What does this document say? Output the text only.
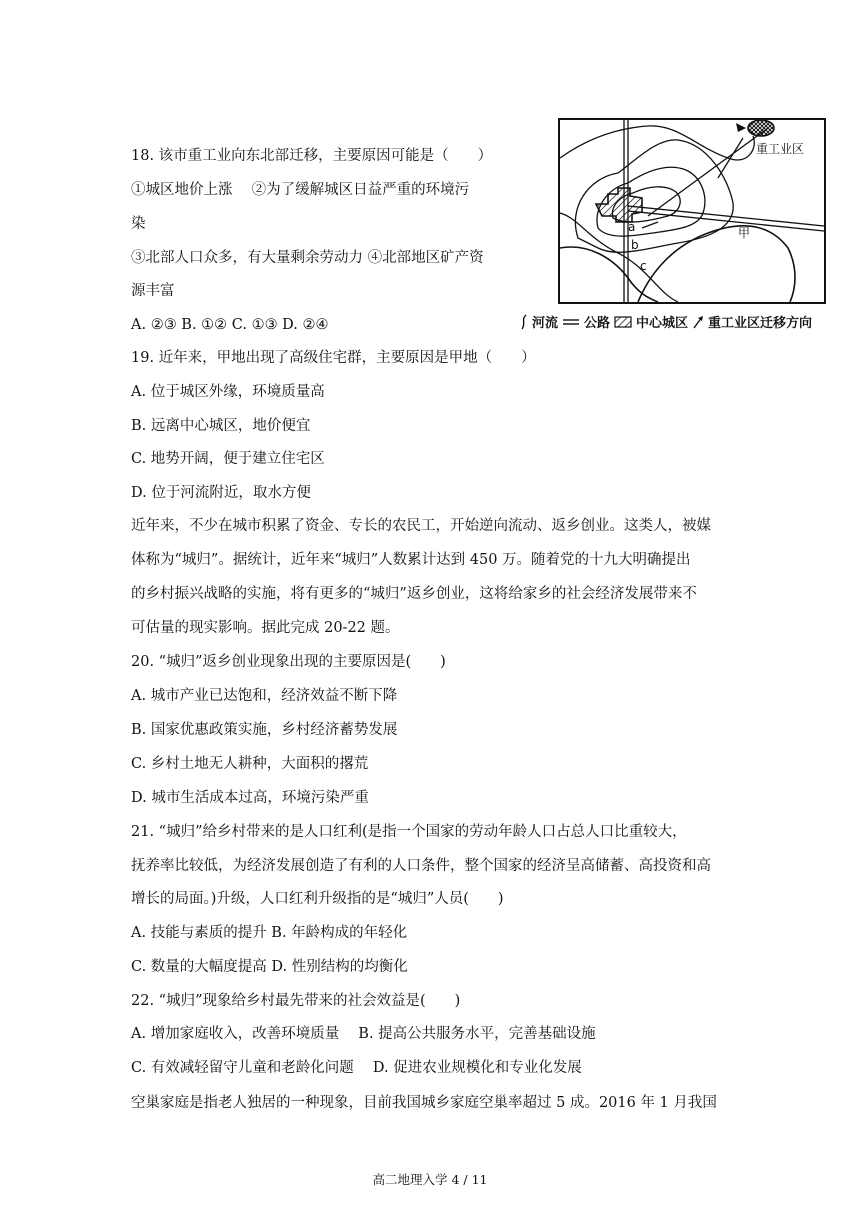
重工业区
甲
a
b
c
河流 公路 中心城区 重工业区迁移方向
18. 该市重工业向东北部迁移，主要原因可能是（　　）
①城区地价上涨　 ②为了缓解城区日益严重的环境污
染
③北部人口众多，有大量剩余劳动力 ④北部地区矿产资
源丰富
A. ②③ B. ①② C. ①③ D. ②④
19. 近年来，甲地出现了高级住宅群，主要原因是甲地（　　）
A. 位于城区外缘，环境质量高
B. 远离中心城区，地价便宜
C. 地势开阔，便于建立住宅区
D. 位于河流附近，取水方便
近年来，不少在城市积累了资金、专长的农民工，开始逆向流动、返乡创业。这类人，被媒
体称为“城归”。据统计，近年来“城归”人数累计达到 450 万。随着党的十九大明确提出
的乡村振兴战略的实施，将有更多的“城归”返乡创业，这将给家乡的社会经济发展带来不
可估量的现实影响。据此完成 20-22 题。
20. “城归”返乡创业现象出现的主要原因是(　　)
A. 城市产业已达饱和，经济效益不断下降
B. 国家优惠政策实施，乡村经济蓄势发展
C. 乡村土地无人耕种，大面积的撂荒
D. 城市生活成本过高，环境污染严重
21. “城归”给乡村带来的是人口红利(是指一个国家的劳动年龄人口占总人口比重较大，
抚养率比较低，为经济发展创造了有利的人口条件，整个国家的经济呈高储蓄、高投资和高
增长的局面。)升级，人口红利升级指的是“城归”人员(　　)
A. 技能与素质的提升 B. 年龄构成的年轻化
C. 数量的大幅度提高 D. 性别结构的均衡化
22. “城归”现象给乡村最先带来的社会效益是(　　)
A. 增加家庭收入，改善环境质量　 B. 提高公共服务水平，完善基础设施
C. 有效减轻留守儿童和老龄化问题　 D. 促进农业规模化和专业化发展
空巢家庭是指老人独居的一种现象，目前我国城乡家庭空巢率超过 5 成。2016 年 1 月我国
高二地理入学 4 / 11
